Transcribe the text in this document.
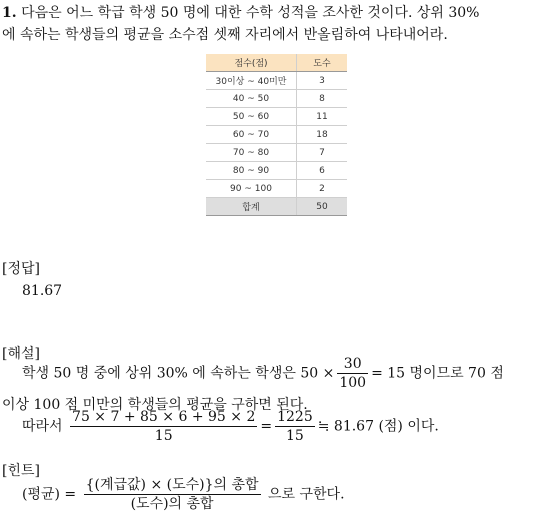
1. 다음은 어느 학급 학생 50 명에 대한 수학 성적을 조사한 것이다. 상위 30%
에 속하는 학생들의 평균을 소수점 셋째 자리에서 반올림하여 나타내어라.
점수(점)	도수
30이상 ~ 40미만	3
40 ~ 50	8
50 ~ 60	11
60 ~ 70	18
70 ~ 80	7
80 ~ 90	6
90 ~ 100	2
합계	50
[정답]
81.67
[해설]
학생 50 명 중에 상위 30% 에 속하는 학생은 $50 \times \frac{30}{100} = 15$ 명이므로 70 점
이상 100 점 미만의 학생들의 평균을 구하면 된다.
따라서 $\frac{75 \times 7 + 85 \times 6 + 95 \times 2}{15} = \frac{1225}{15}$ ≒ 81.67 (점) 이다.
[힌트]
(평균) = $\frac{\text{\{(계급값) × (도수)\}의 총합}}{\text{(도수)의 총합}}$ 으로 구한다.
